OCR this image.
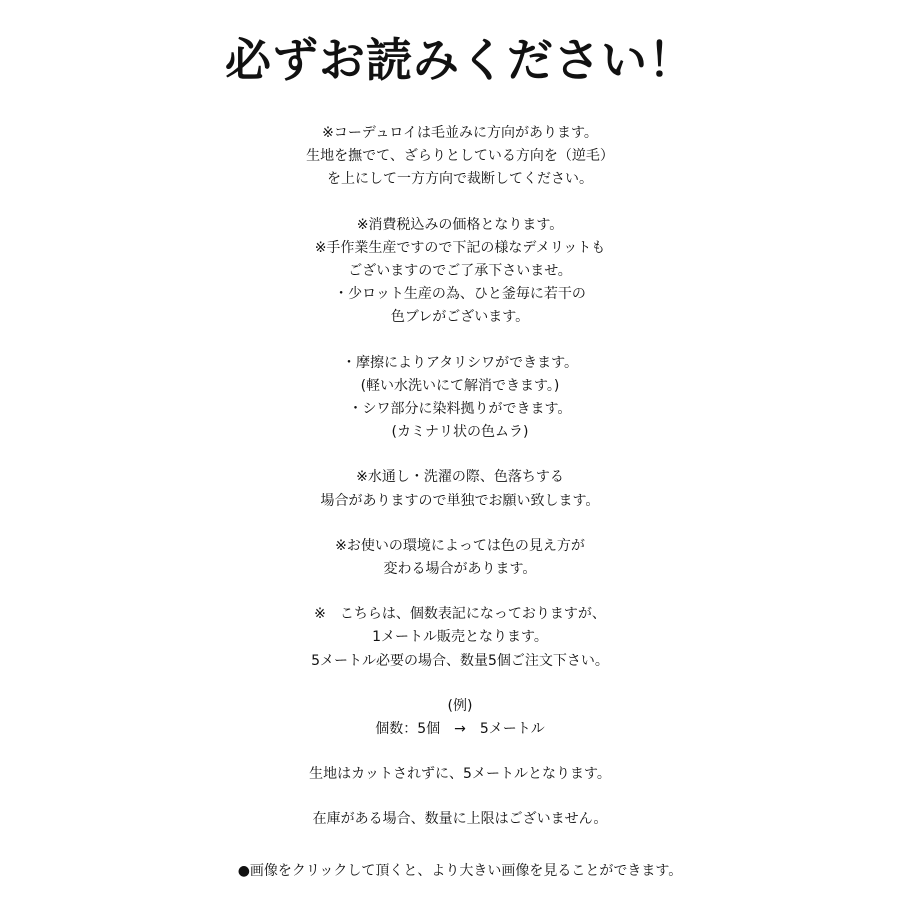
必ずお読みください！

※コーデュロイは毛並みに方向があります。
生地を撫でて、ざらりとしている方向を（逆毛）
を上にして一方方向で裁断してください。

※消費税込みの価格となります。
※手作業生産ですので下記の様なデメリットも
ございますのでご了承下さいませ。
・少ロット生産の為、ひと釜毎に若干の
色ブレがございます。

・摩擦によりアタリシワができます。
(軽い水洗いにて解消できます。)
・シワ部分に染料拠りができます。
(カミナリ状の色ムラ)

※水通し・洗濯の際、色落ちする
場合がありますので単独でお願い致します。

※お使いの環境によっては色の見え方が
変わる場合があります。

※　こちらは、個数表記になっておりますが、
1メートル販売となります。
5メートル必要の場合、数量5個ご注文下さい。

(例)
個数：5個　→　5メートル

生地はカットされずに、5メートルとなります。

在庫がある場合、数量に上限はございません。

●画像をクリックして頂くと、より大きい画像を見ることができます。
